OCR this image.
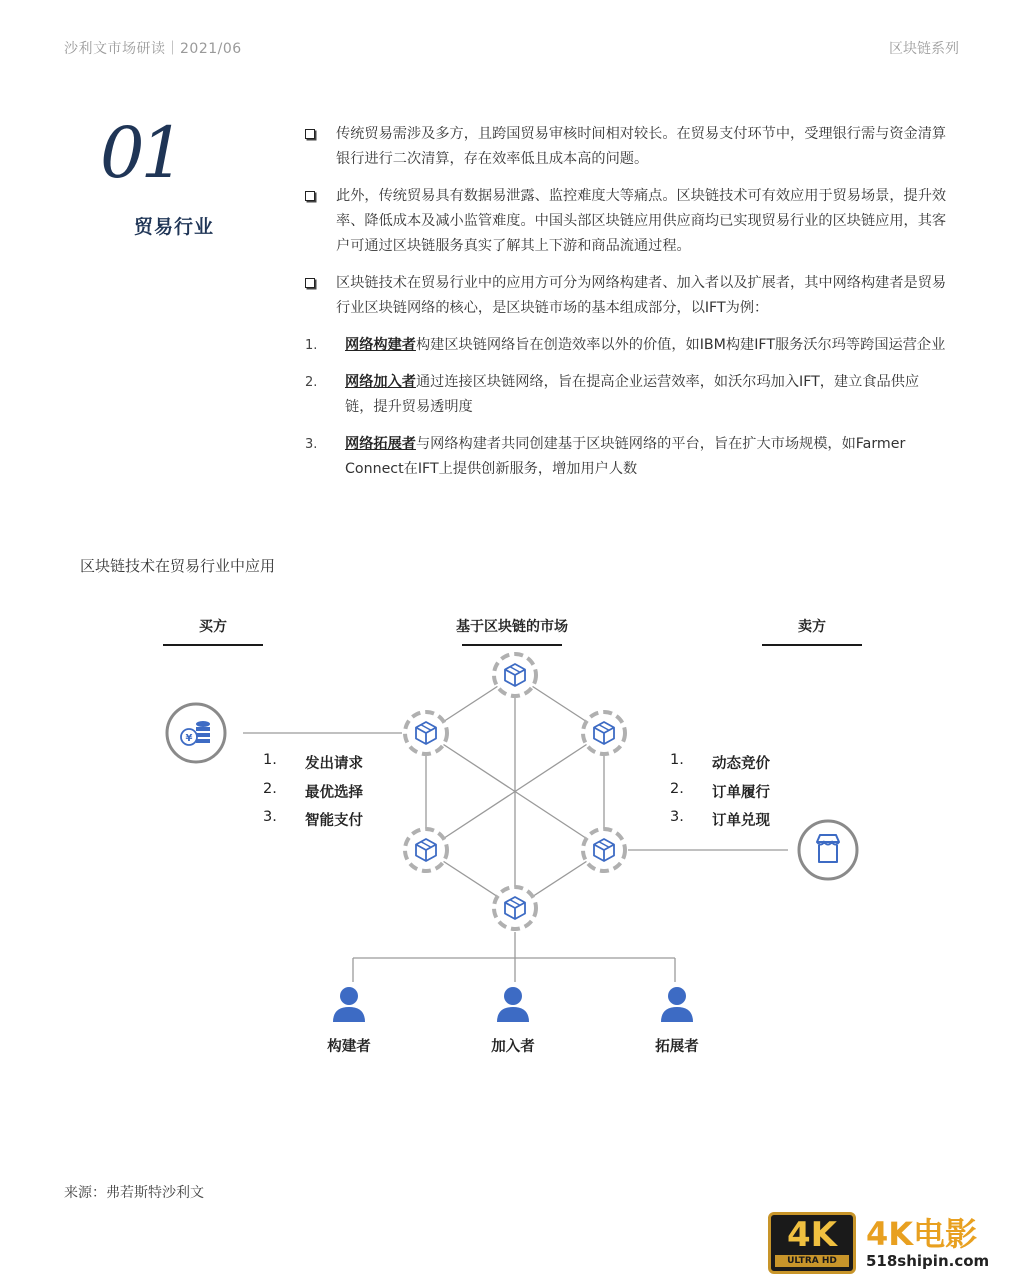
沙利文市场研读｜2021/06	区块链系列
01
贸易行业
传统贸易需涉及多方，且跨国贸易审核时间相对较长。在贸易支付环节中，受理银行需与资金清算银行进行二次清算，存在效率低且成本高的问题。
此外，传统贸易具有数据易泄露、监控难度大等痛点。区块链技术可有效应用于贸易场景，提升效率、降低成本及减小监管难度。中国头部区块链应用供应商均已实现贸易行业的区块链应用，其客户可通过区块链服务真实了解其上下游和商品流通过程。
区块链技术在贸易行业中的应用方可分为网络构建者、加入者以及扩展者，其中网络构建者是贸易行业区块链网络的核心，是区块链市场的基本组成部分，以IFT为例：
1. 网络构建者构建区块链网络旨在创造效率以外的价值，如IBM构建IFT服务沃尔玛等跨国运营企业
2. 网络加入者通过连接区块链网络，旨在提高企业运营效率，如沃尔玛加入IFT，建立食品供应链，提升贸易透明度
3. 网络拓展者与网络构建者共同创建基于区块链网络的平台，旨在扩大市场规模，如Farmer Connect在IFT上提供创新服务，增加用户人数
区块链技术在贸易行业中应用
买方	基于区块链的市场	卖方
¥
1.	发出请求
2.	最优选择
3.	智能支付
1.	动态竞价
2.	订单履行
3.	订单兑现
构建者	加入者	拓展者
来源：弗若斯特沙利文
4K
ULTRA HD
4K电影
518shipin.com
